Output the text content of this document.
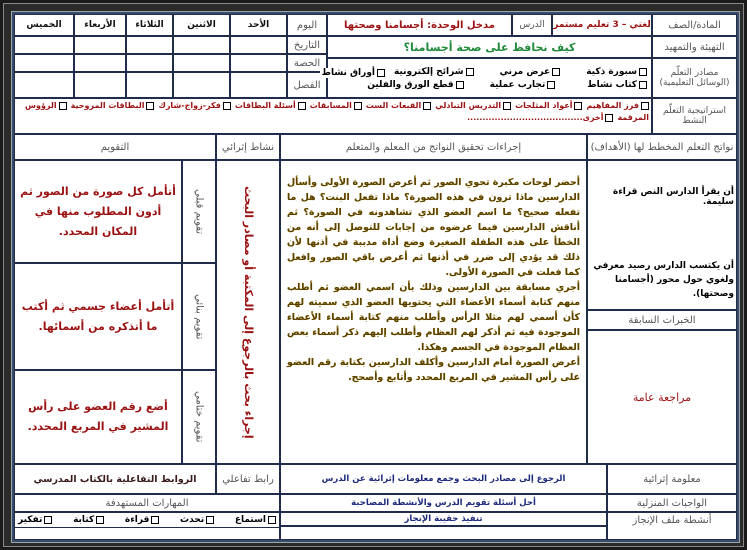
المادة/الصف
لغتي – 3 تعليم مستمر
الدرس
مدخل الوحدة: أجسامنا وصحتها
اليوم
الأحد
الاثنين
الثلاثاء
الأربعاء
الخميس
التهيئة والتمهيد
كيف نحافظ على صحة أجسامنا؟
التاريخ
مصادر التعلّم
(الوسائل التعليمية)
سبورة ذكية
عرض مرني
شرائح إلكترونية
كتاب نشاط
تجارب عملية
قطع الورق والفلين
الحصة
الفصل
أوراق نشاط
استراتيجية التعلّم
النشط
فرز المفاهيم
أعواد المثلجات
التدريس التبادلي
القبعات الست
المسابقات
أسئلة البطاقات
فكر-زواج-شارك
البطاقات المروحية
الرؤوس
المرقمة
أخرى......................................
نواتج التعلم المخطط لها (الأهداف)
إجراءات تحقيق النواتج من المعلم والمتعلم
نشاط إثرائي
التقويم
أن يقرأ الدارس النص قراءة سليمة.
أن يكتسب الدارس رصيد معرفي ولغوي حول محور (أجسامنا وصحتها).
الخبرات السابقة
مراجعة عامة
أحضر لوحات مكبرة تحوي الصور ثم أعرض الصورة الأولى وأسأل الدارسين ماذا ترون في هذه الصورة؟ ماذا تفعل البنت؟ هل ما تفعله صحيح؟ ما اسم العضو الذي تشاهدونه في الصورة؟ ثم أناقش الدارسين فيما عرضوه من إجابات للتوصل إلى أنه من الخطأ على هذه الطفلة الصغيرة وضع أداة مدببة في أذنها لأن ذلك قد يؤدي إلى ضرر في أذنها ثم أعرض باقي الصور وافعل كما فعلت في الصورة الأولى.
أجري مسابقة بين الدارسين وذلك بأن اسمي العضو ثم أطلب منهم كتابة أسماء الأعضاء التي يحتويها العضو الذي سميته لهم كأن أسمي لهم مثلا الرأس وأطلب منهم كتابة أسماء الأعضاء الموجودة فيه ثم أذكر لهم العظام وأطلب إليهم ذكر أسماء بعض العظام الموجودة في الجسم وهكذا.
أعرض الصورة أمام الدارسين وأكلف الدارسين بكتابة رقم العضو على رأس المشير في المربع المحدد وأتابع وأصحح.
إجراء بحث بالرجوع إلى المكتبة أو مصادر البحث
تقويم قبلي
أتأمل كل صورة من الصور ثم أدون المطلوب منها في المكان المحدد.
تقويم بنائي
أتأمل أعضاء جسمي ثم أكتب ما أتذكره من أسمائها.
تقويم ختامي
أضع رقم العضو على رأس المشير في المربع المحدد.
معلومة إثرائية
الرجوع إلى مصادر البحث وجمع معلومات إثرائية عن الدرس
رابط تفاعلي
الروابط التفاعلية بالكتاب المدرسي
الواجبات المنزلية
أحل أسئلة تقويم الدرس والأنشطة المصاحبة
المهارات المستهدفة
أنشطة ملف الإنجاز
تنفيذ حقيبة الإنجاز
استماع
تحدث
قراءة
كتابة
تفكير
